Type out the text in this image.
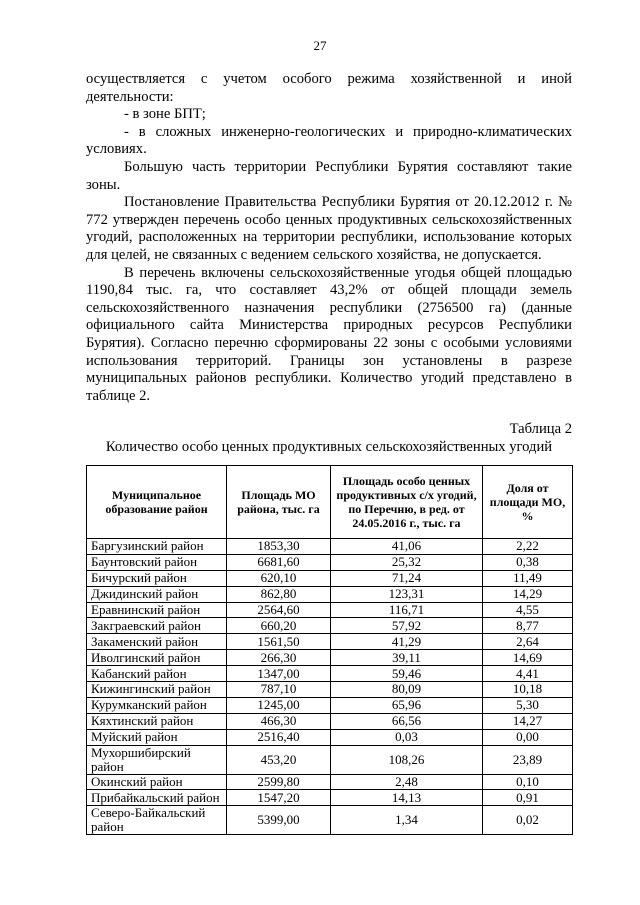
27

осуществляется с учетом особого режима хозяйственной и иной деятельности:

- в зоне БПТ;

- в сложных инженерно-геологических и природно-климатических условиях.

Большую часть территории Республики Бурятия составляют такие зоны.

Постановление Правительства Республики Бурятия от 20.12.2012 г. № 772 утвержден перечень особо ценных продуктивных сельскохозяйственных угодий, расположенных на территории республики, использование которых для целей, не связанных с ведением сельского хозяйства, не допускается.

В перечень включены сельскохозяйственные угодья общей площадью 1190,84 тыс. га, что составляет 43,2% от общей площади земель сельскохозяйственного назначения республики (2756500 га) (данные официального сайта Министерства природных ресурсов Республики Бурятия). Согласно перечню сформированы 22 зоны с особыми условиями использования территорий. Границы зон установлены в разрезе муниципальных районов республики. Количество угодий представлено в таблице 2.

Таблица 2
Количество особо ценных продуктивных сельскохозяйственных угодий
Муниципальное образование район	Площадь МО района, тыс. га	Площадь особо ценных продуктивных с/х угодий, по Перечню, в ред. от 24.05.2016 г., тыс. га	Доля от площади МО, %
Баргузинский район	1853,30	41,06	2,22
Баунтовский район	6681,60	25,32	0,38
Бичурский район	620,10	71,24	11,49
Джидинский район	862,80	123,31	14,29
Еравнинский район	2564,60	116,71	4,55
Закграевский район	660,20	57,92	8,77
Закаменский район	1561,50	41,29	2,64
Иволгинский район	266,30	39,11	14,69
Кабанский район	1347,00	59,46	4,41
Кижингинский район	787,10	80,09	10,18
Курумканский район	1245,00	65,96	5,30
Кяхтинский район	466,30	66,56	14,27
Муйский район	2516,40	0,03	0,00
Мухоршибирский район	453,20	108,26	23,89
Окинский район	2599,80	2,48	0,10
Прибайкальский район	1547,20	14,13	0,91
Северо-Байкальский район	5399,00	1,34	0,02
